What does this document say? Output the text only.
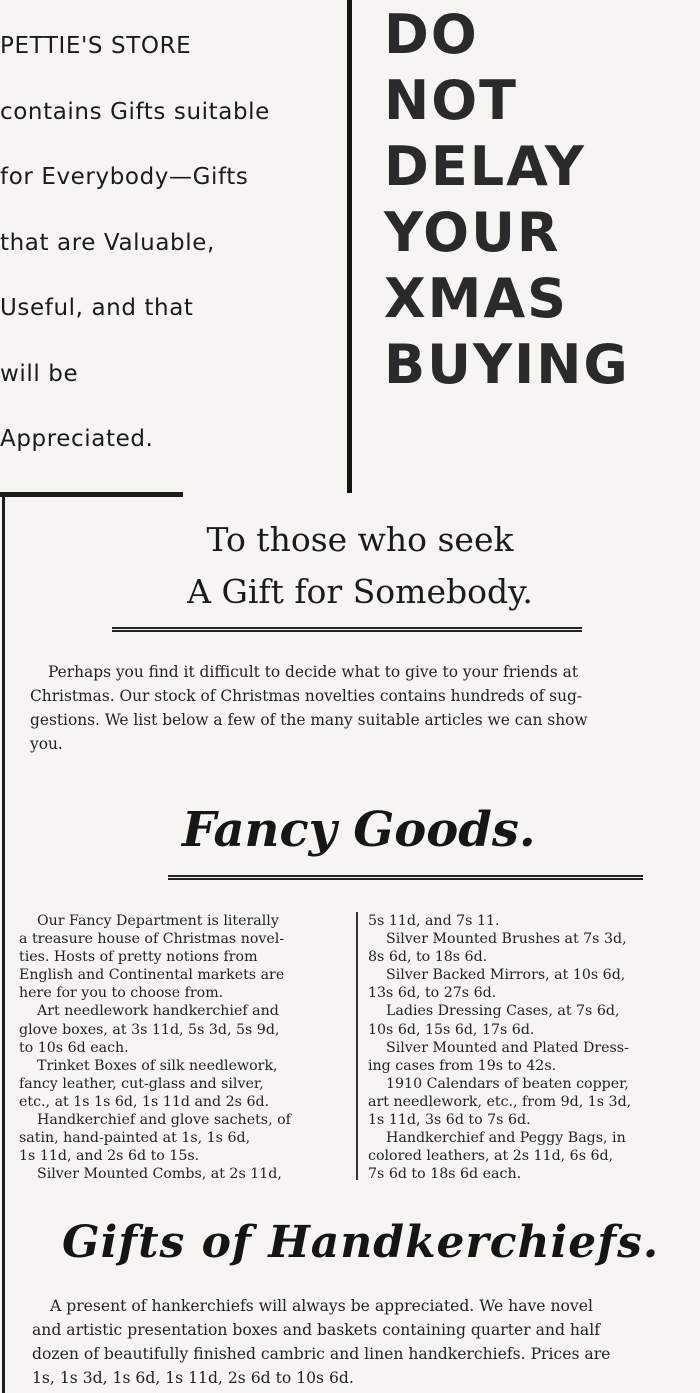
PETTIE'S STORE
contains Gifts suitable
for Everybody—Gifts
that are Valuable,
Useful, and that
will be
Appreciated.
DO
NOT
DELAY
YOUR
XMAS
BUYING
To those who seek
A Gift for Somebody.
Perhaps you find it difficult to decide what to give to your friends at
Christmas. Our stock of Christmas novelties contains hundreds of sug-
gestions. We list below a few of the many suitable articles we can show
you.
Fancy Goods.
Our Fancy Department is literally
a treasure house of Christmas novel-
ties. Hosts of pretty notions from
English and Continental markets are
here for you to choose from.
Art needlework handkerchief and
glove boxes, at 3s 11d, 5s 3d, 5s 9d,
to 10s 6d each.
Trinket Boxes of silk needlework,
fancy leather, cut-glass and silver,
etc., at 1s 1s 6d, 1s 11d and 2s 6d.
Handkerchief and glove sachets, of
satin, hand-painted at 1s, 1s 6d,
1s 11d, and 2s 6d to 15s.
Silver Mounted Combs, at 2s 11d,
5s 11d, and 7s 11.
Silver Mounted Brushes at 7s 3d,
8s 6d, to 18s 6d.
Silver Backed Mirrors, at 10s 6d,
13s 6d, to 27s 6d.
Ladies Dressing Cases, at 7s 6d,
10s 6d, 15s 6d, 17s 6d.
Silver Mounted and Plated Dress-
ing cases from 19s to 42s.
1910 Calendars of beaten copper,
art needlework, etc., from 9d, 1s 3d,
1s 11d, 3s 6d to 7s 6d.
Handkerchief and Peggy Bags, in
colored leathers, at 2s 11d, 6s 6d,
7s 6d to 18s 6d each.
Gifts of Handkerchiefs.
A present of hankerchiefs will always be appreciated. We have novel
and artistic presentation boxes and baskets containing quarter and half
dozen of beautifully finished cambric and linen handkerchiefs. Prices are
1s, 1s 3d, 1s 6d, 1s 11d, 2s 6d to 10s 6d.
